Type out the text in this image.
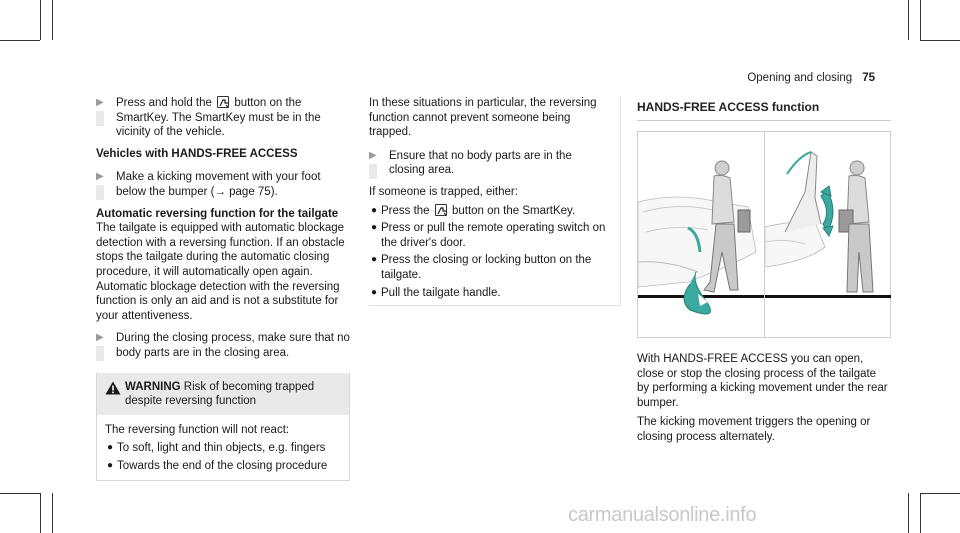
Opening and closing 75
▶ Press and hold the button on the SmartKey. The SmartKey must be in the vicinity of the vehicle.
Vehicles with HANDS-FREE ACCESS
▶ Make a kicking movement with your foot below the bumper (→ page 75).
Automatic reversing function for the tailgate

The tailgate is equipped with automatic blockage detection with a reversing function. If an obstacle stops the tailgate during the automatic closing procedure, it will automatically open again. Automatic blockage detection with the reversing function is only an aid and is not a substitute for your attentiveness.

▶ During the closing process, make sure that no body parts are in the closing area.
WARNING Risk of becoming trapped despite reversing function

The reversing function will not react:

● To soft, light and thin objects, e.g. fingers
● Towards the end of the closing procedure

In these situations in particular, the reversing function cannot prevent someone being trapped.

▶ Ensure that no body parts are in the closing area.

If someone is trapped, either:

● Press the button on the SmartKey.
● Press or pull the remote operating switch on the driver's door.
● Press the closing or locking button on the tailgate.
● Pull the tailgate handle.
HANDS-FREE ACCESS function

With HANDS-FREE ACCESS you can open, close or stop the closing process of the tailgate by performing a kicking movement under the rear bumper.

The kicking movement triggers the opening or closing process alternately.

carmanualsonline.info
